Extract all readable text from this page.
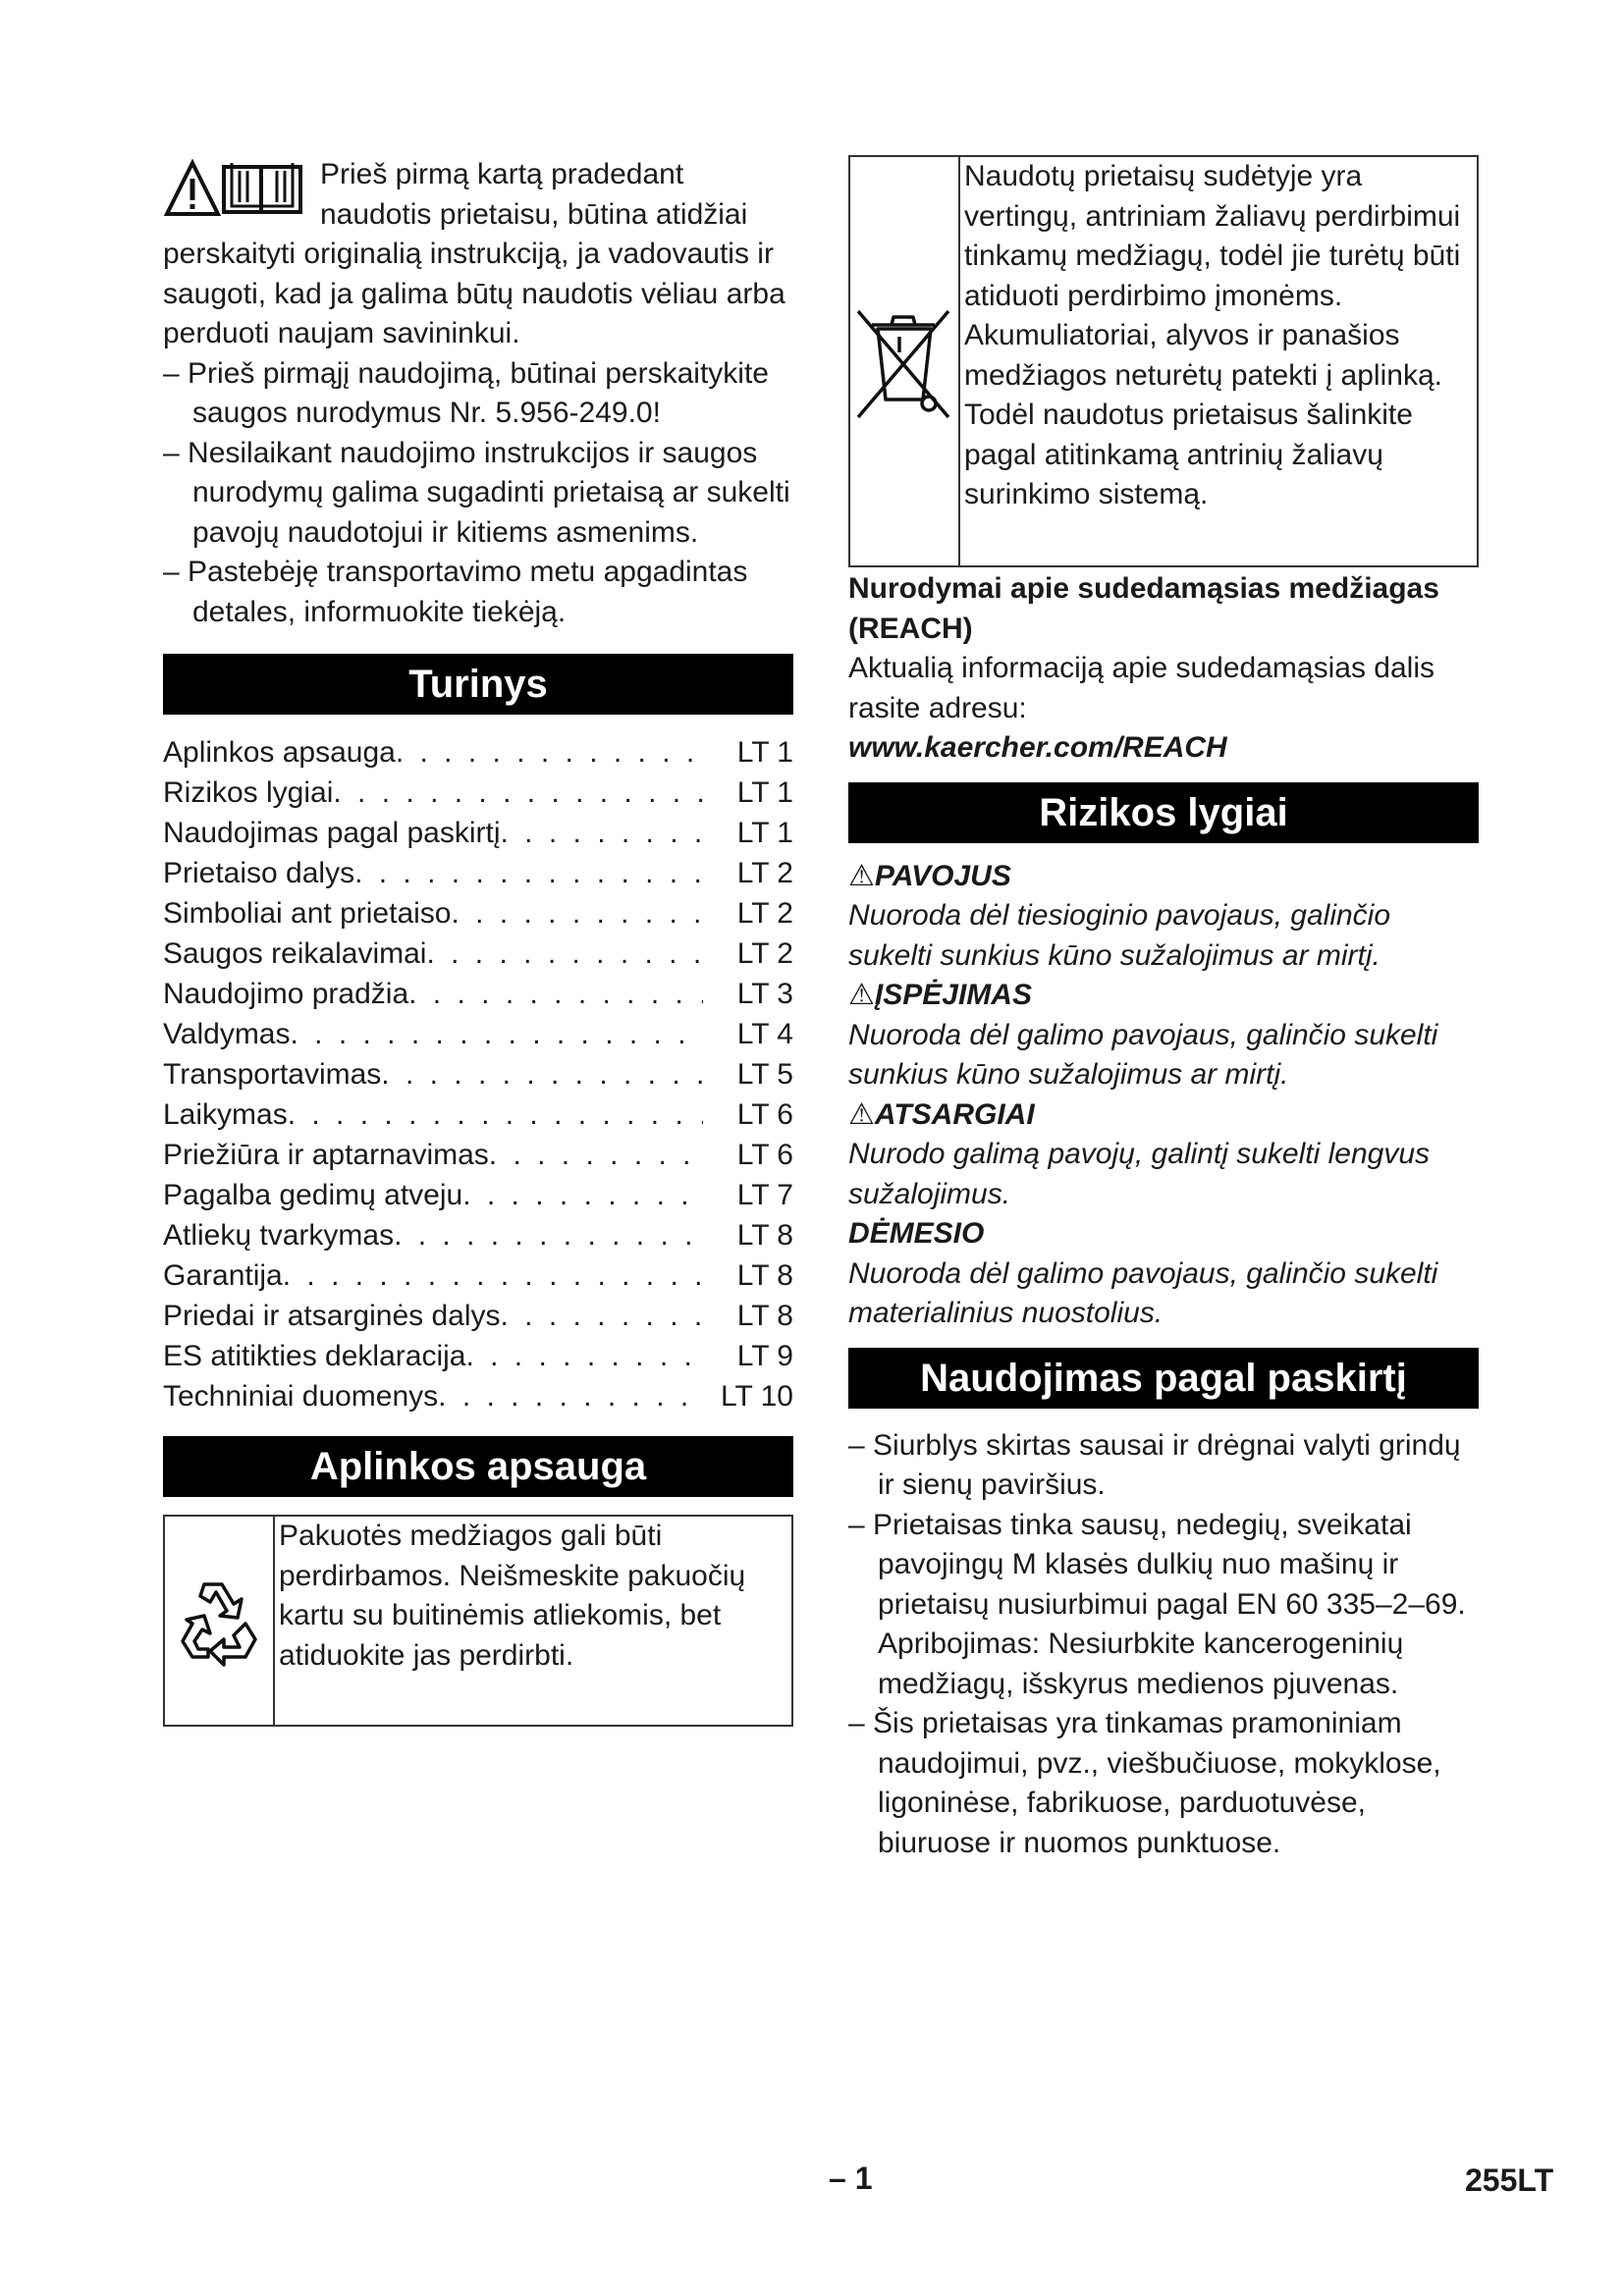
Prieš pirmą kartą pradedant naudotis prietaisu, būtina atidžiai perskaityti originalią instrukciją, ja vadovautis ir saugoti, kad ja galima būtų naudotis vėliau arba perduoti naujam savininkui.

– Prieš pirmąjį naudojimą, būtinai perskaitykite saugos nurodymus Nr. 5.956-249.0!
– Nesilaikant naudojimo instrukcijos ir saugos nurodymų galima sugadinti prietaisą ar sukelti pavojų naudotojui ir kitiems asmenims.
– Pastebėję transportavimo metu apgadintas detales, informuokite tiekėją.
Turinys
Aplinkos apsauga . . .	LT 1
Rizikos lygiai . . .	LT 1
Naudojimas pagal paskirtį . . .	LT 1
Prietaiso dalys . . .	LT 2
Simboliai ant prietaiso . . .	LT 2
Saugos reikalavimai . . .	LT 2
Naudojimo pradžia . . .	LT 3
Valdymas . . .	LT 4
Transportavimas . . .	LT 5
Laikymas . . .	LT 6
Priežiūra ir aptarnavimas . . .	LT 6
Pagalba gedimų atveju . . .	LT 7
Atliekų tvarkymas . . .	LT 8
Garantija . . .	LT 8
Priedai ir atsarginės dalys . . .	LT 8
ES atitikties deklaracija . . .	LT 9
Techniniai duomenys . . .	LT 10
Aplinkos apsauga
Pakuotės medžiagos gali būti perdirbamos. Neišmeskite pakuočių kartu su buitinėmis atliekomis, bet atiduokite jas perdirbti.
Naudotų prietaisų sudėtyje yra vertingų, antriniam žaliavų perdirbimui tinkamų medžiagų, todėl jie turėtų būti atiduoti perdirbimo įmonėms. Akumuliatoriai, alyvos ir panašios medžiagos neturėtų patekti į aplinką. Todėl naudotus prietaisus šalinkite pagal atitinkamą antrinių žaliavų surinkimo sistemą.

Nurodymai apie sudedamąsias medžiagas (REACH)

Aktualią informaciją apie sudedamąsias dalis rasite adresu:

www.kaercher.com/REACH

Rizikos lygiai
⚠PAVOJUS

Nuoroda dėl tiesioginio pavojaus, galinčio sukelti sunkius kūno sužalojimus ar mirtį.

⚠ĮSPĖJIMAS

Nuoroda dėl galimo pavojaus, galinčio sukelti sunkius kūno sužalojimus ar mirtį.

⚠ATSARGIAI

Nurodo galimą pavojų, galintį sukelti lengvus sužalojimus.

DĖMESIO

Nuoroda dėl galimo pavojaus, galinčio sukelti materialinius nuostolius.

Naudojimas pagal paskirtį
– Siurblys skirtas sausai ir drėgnai valyti grindų ir sienų paviršius.
– Prietaisas tinka sausų, nedegių, sveikatai pavojingų M klasės dulkių nuo mašinų ir prietaisų nusiurbimui pagal EN 60 335–2–69. Apribojimas: Nesiurbkite kancerogeninių medžiagų, išskyrus medienos pjuvenas.
– Šis prietaisas yra tinkamas pramoniniam naudojimui, pvz., viešbučiuose, mokyklose, ligoninėse, fabrikuose, parduotuvėse, biuruose ir nuomos punktuose.
– 1	255LT
